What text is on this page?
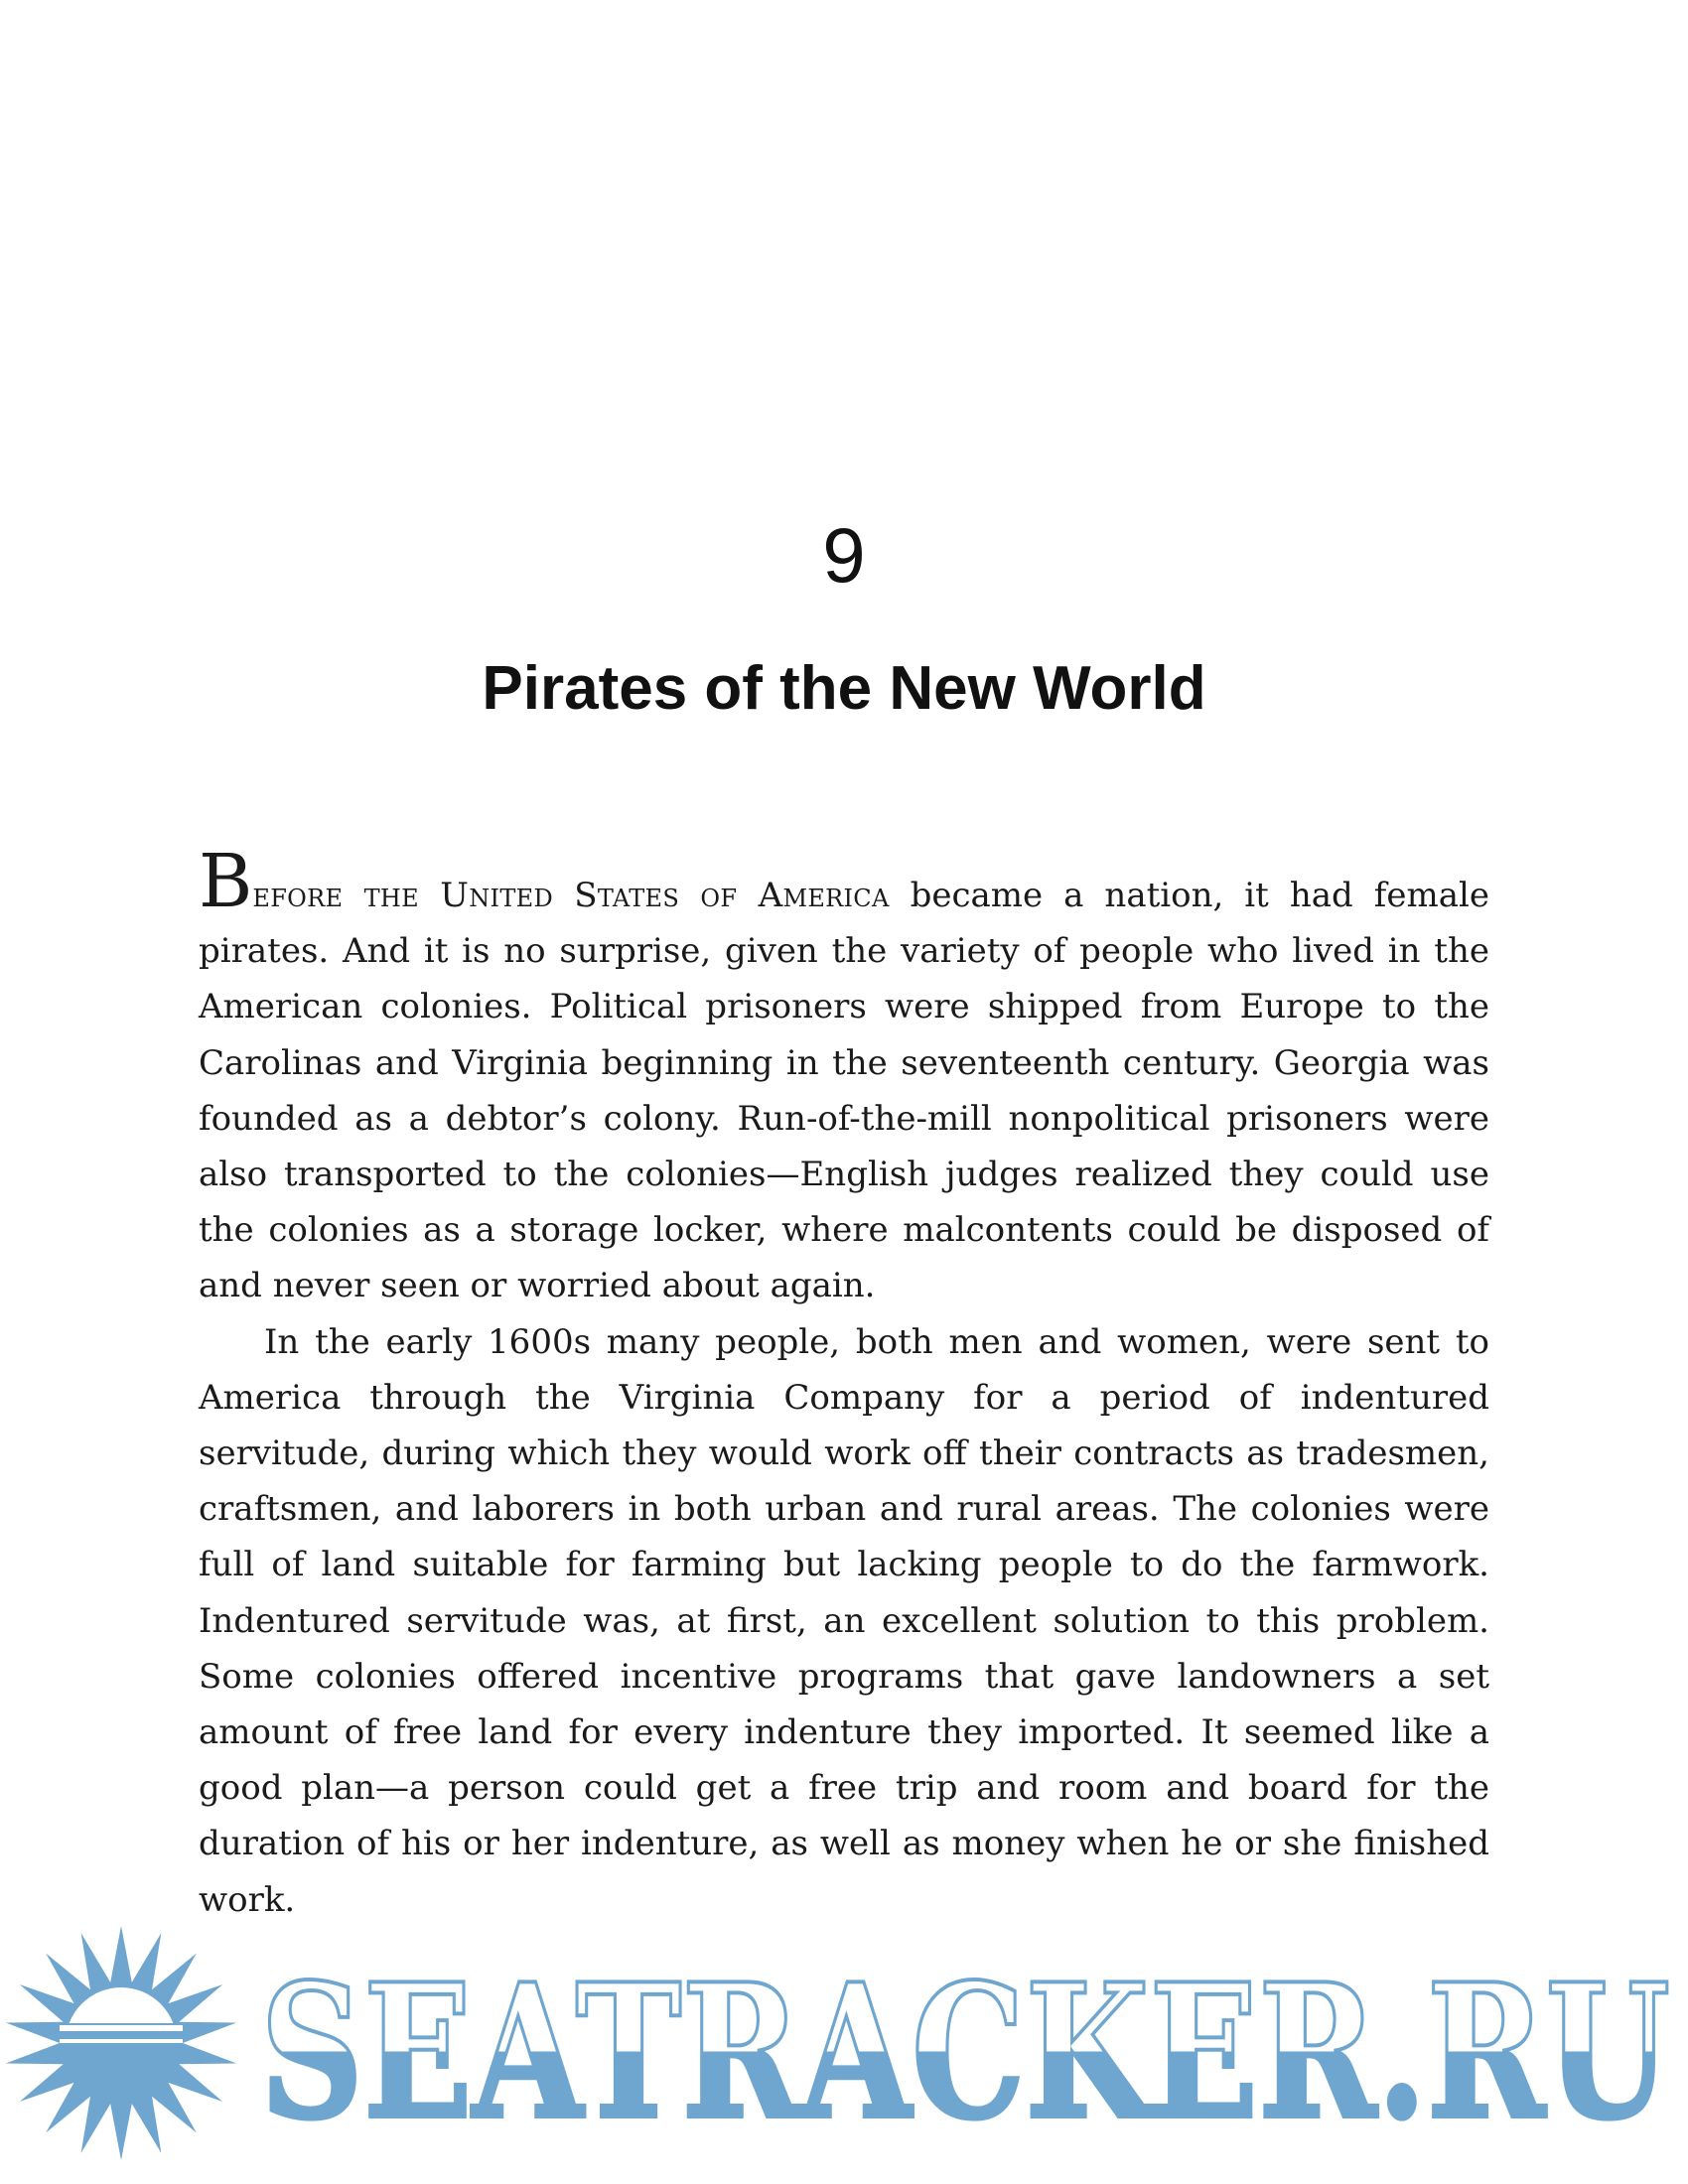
9
Pirates of the New World

Before the United States of America became a nation, it had female pirates. And it is no surprise, given the variety of people who lived in the American colonies. Political prisoners were shipped from Europe to the Carolinas and Virginia beginning in the seventeenth century. Georgia was founded as a debtor’s colony. Run-of-the-mill nonpolitical prisoners were also transported to the colonies—English judges realized they could use the colonies as a storage locker, where malcontents could be disposed of and never seen or worried about again.

In the early 1600s many people, both men and women, were sent to America through the Virginia Company for a period of indentured servitude, during which they would work off their contracts as tradesmen, craftsmen, and laborers in both urban and rural areas. The colonies were full of land suitable for farming but lacking people to do the farmwork. Indentured servitude was, at first, an excellent solution to this problem. Some colonies offered incentive programs that gave landowners a set amount of free land for every indenture they imported. It seemed like a good plan—a person could get a free trip and room and board for the duration of his or her indenture, as well as money when he or she finished work.

SEATRACKER.RU
